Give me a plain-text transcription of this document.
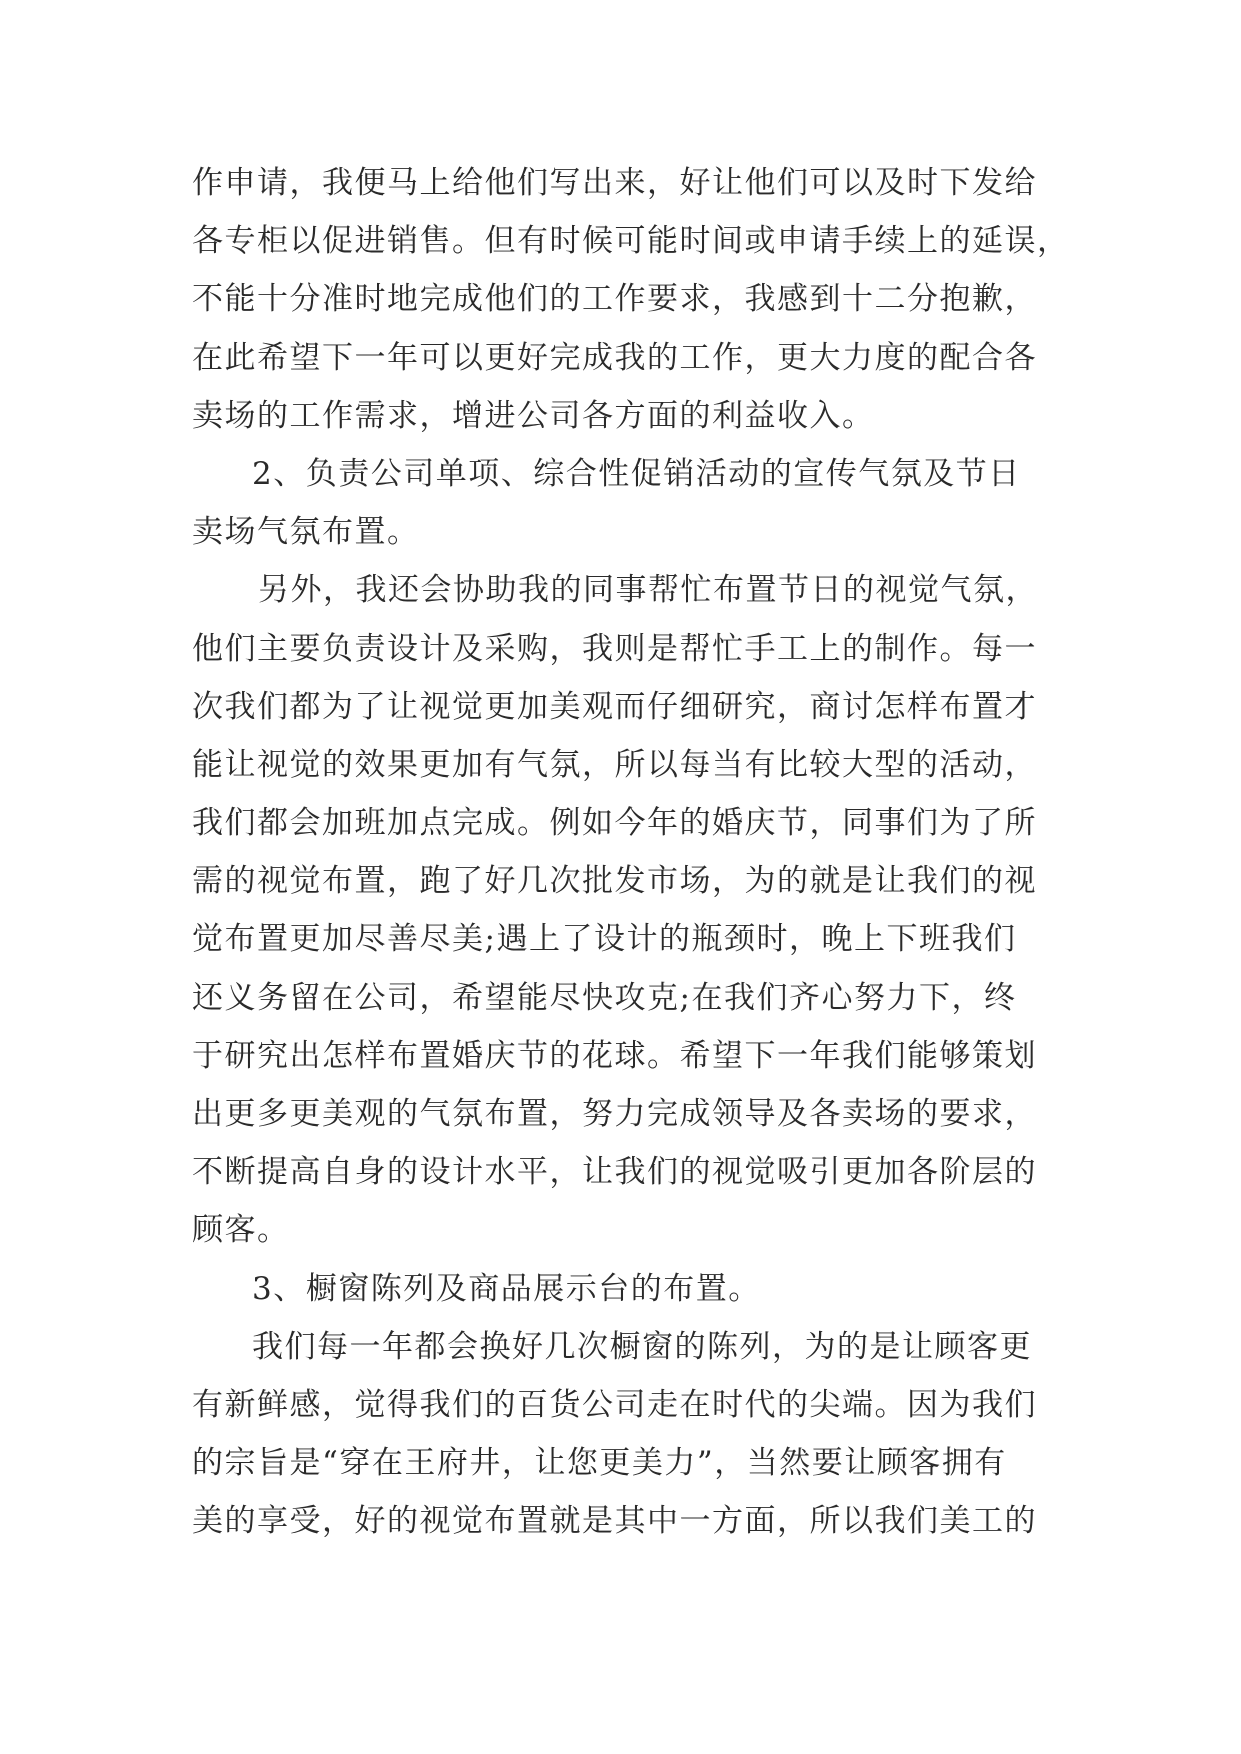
作申请，我便马上给他们写出来，好让他们可以及时下发给
各专柜以促进销售。但有时候可能时间或申请手续上的延误，
不能十分准时地完成他们的工作要求，我感到十二分抱歉，
在此希望下一年可以更好完成我的工作，更大力度的配合各
卖场的工作需求，增进公司各方面的利益收入。
2、负责公司单项、综合性促销活动的宣传气氛及节日
卖场气氛布置。
另外，我还会协助我的同事帮忙布置节日的视觉气氛，
他们主要负责设计及采购，我则是帮忙手工上的制作。每一
次我们都为了让视觉更加美观而仔细研究，商讨怎样布置才
能让视觉的效果更加有气氛，所以每当有比较大型的活动，
我们都会加班加点完成。例如今年的婚庆节，同事们为了所
需的视觉布置，跑了好几次批发市场，为的就是让我们的视
觉布置更加尽善尽美;遇上了设计的瓶颈时，晚上下班我们
还义务留在公司，希望能尽快攻克;在我们齐心努力下，终
于研究出怎样布置婚庆节的花球。希望下一年我们能够策划
出更多更美观的气氛布置，努力完成领导及各卖场的要求，
不断提高自身的设计水平，让我们的视觉吸引更加各阶层的
顾客。
3、橱窗陈列及商品展示台的布置。
我们每一年都会换好几次橱窗的陈列，为的是让顾客更
有新鲜感，觉得我们的百货公司走在时代的尖端。因为我们
的宗旨是“穿在王府井，让您更美力”，当然要让顾客拥有
美的享受，好的视觉布置就是其中一方面，所以我们美工的
